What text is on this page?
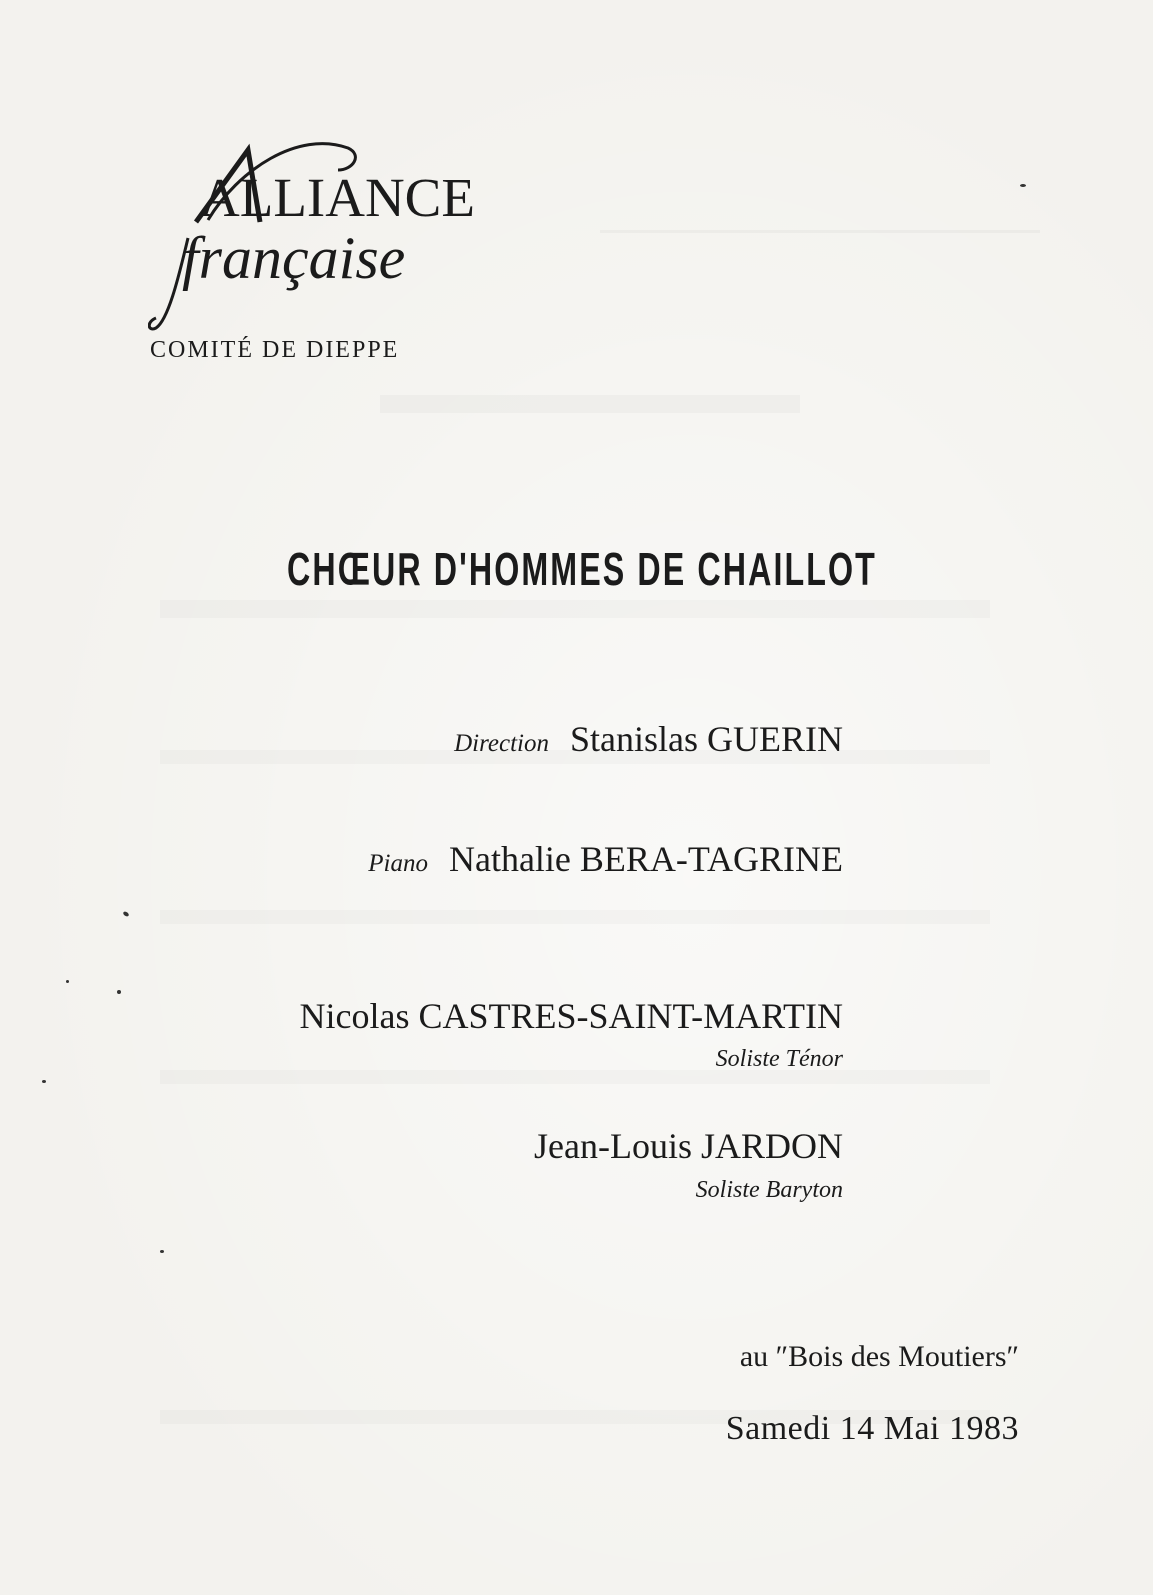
ALLIANCE
française
COMITÉ DE DIEPPE
CHŒUR D'HOMMES DE CHAILLOT
Direction Stanislas GUERIN
Piano Nathalie BERA-TAGRINE
Nicolas CASTRES-SAINT-MARTIN
Soliste Ténor
Jean-Louis JARDON
Soliste Baryton
au ″Bois des Moutiers″
Samedi 14 Mai 1983
